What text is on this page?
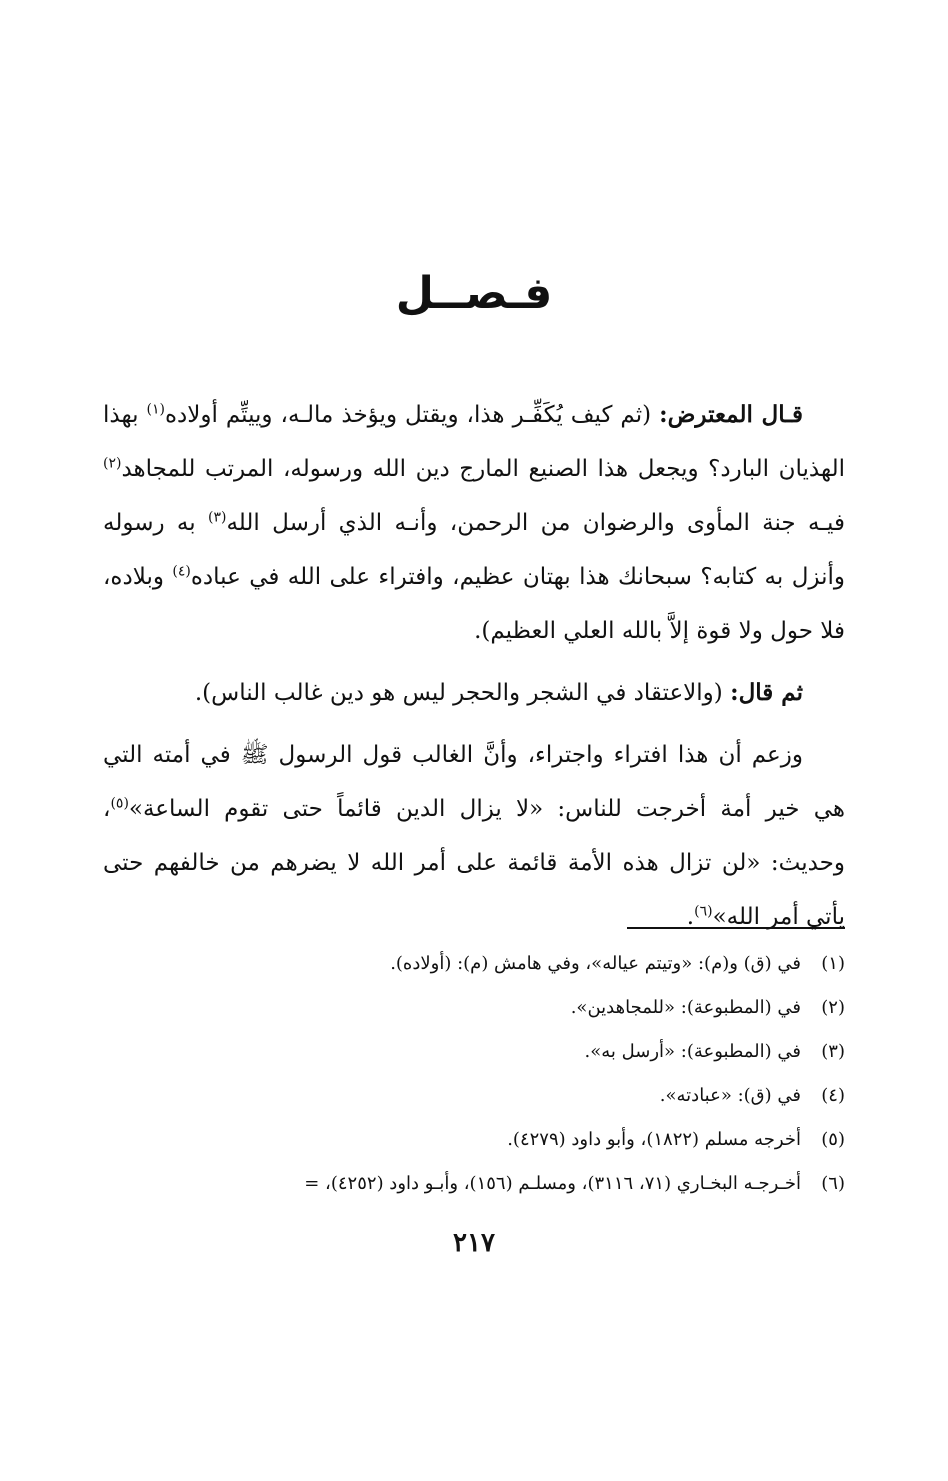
فـصــل

قـال المعترض: (ثم كيف يُكَفِّـر هذا، ويقتل ويؤخذ مالـه، وييتِّم أولاده$^{(١)}$ بهذا الهذيان البارد؟ ويجعل هذا الصنيع المارج دين الله ورسوله، المرتب للمجاهد$^{(٢)}$ فيـه جنة المأوى والرضوان من الرحمن، وأنـه الذي أرسل الله$^{(٣)}$ به رسوله وأنزل به كتابه؟ سبحانك هذا بهتان عظيم، وافتراء على الله في عباده$^{(٤)}$ وبلاده، فلا حول ولا قوة إلاَّ بالله العلي العظيم).

ثم قال: (والاعتقاد في الشجر والحجر ليس هو دين غالب الناس).

وزعم أن هذا افتراء واجتراء، وأنَّ الغالب قول الرسول ﷺ في أمته التي هي خير أمة أخرجت للناس: «لا يزال الدين قائماً حتى تقوم الساعة»$^{(٥)}$، وحديث: «لن تزال هذه الأمة قائمة على أمر الله لا يضرهم من خالفهم حتى يأتي أمر الله»$^{(٦)}$.

(١)
في (ق) و(م): «وتيتم عياله»، وفي هامش (م): (أولاده).
(٢)
في (المطبوعة): «للمجاهدين».
(٣)
في (المطبوعة): «أرسل به».
(٤)
في (ق): «عبادته».
(٥)
أخرجه مسلم (١٨٢٢)، وأبو داود (٤٢٧٩).
(٦)
أخـرجـه البخـاري (٧١، ٣١١٦)، ومسلـم (١٥٦)، وأبـو داود (٤٢٥٢)، =
٢١٧
